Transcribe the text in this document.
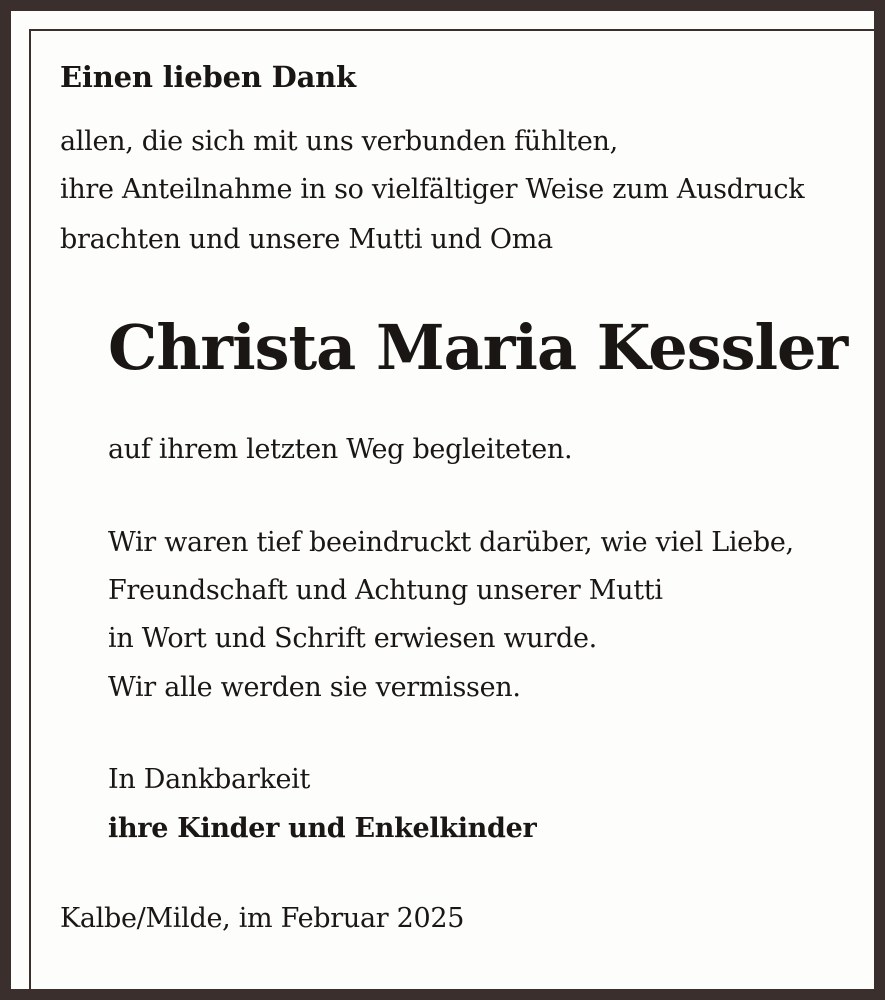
Einen lieben Dank

allen, die sich mit uns verbunden fühlten,

ihre Anteilnahme in so vielfältiger Weise zum Ausdruck

brachten und unsere Mutti und Oma

Christa Maria Kessler

auf ihrem letzten Weg begleiteten.

Wir waren tief beeindruckt darüber, wie viel Liebe,

Freundschaft und Achtung unserer Mutti

in Wort und Schrift erwiesen wurde.

Wir alle werden sie vermissen.

In Dankbarkeit

ihre Kinder und Enkelkinder

Kalbe/Milde, im Februar 2025
